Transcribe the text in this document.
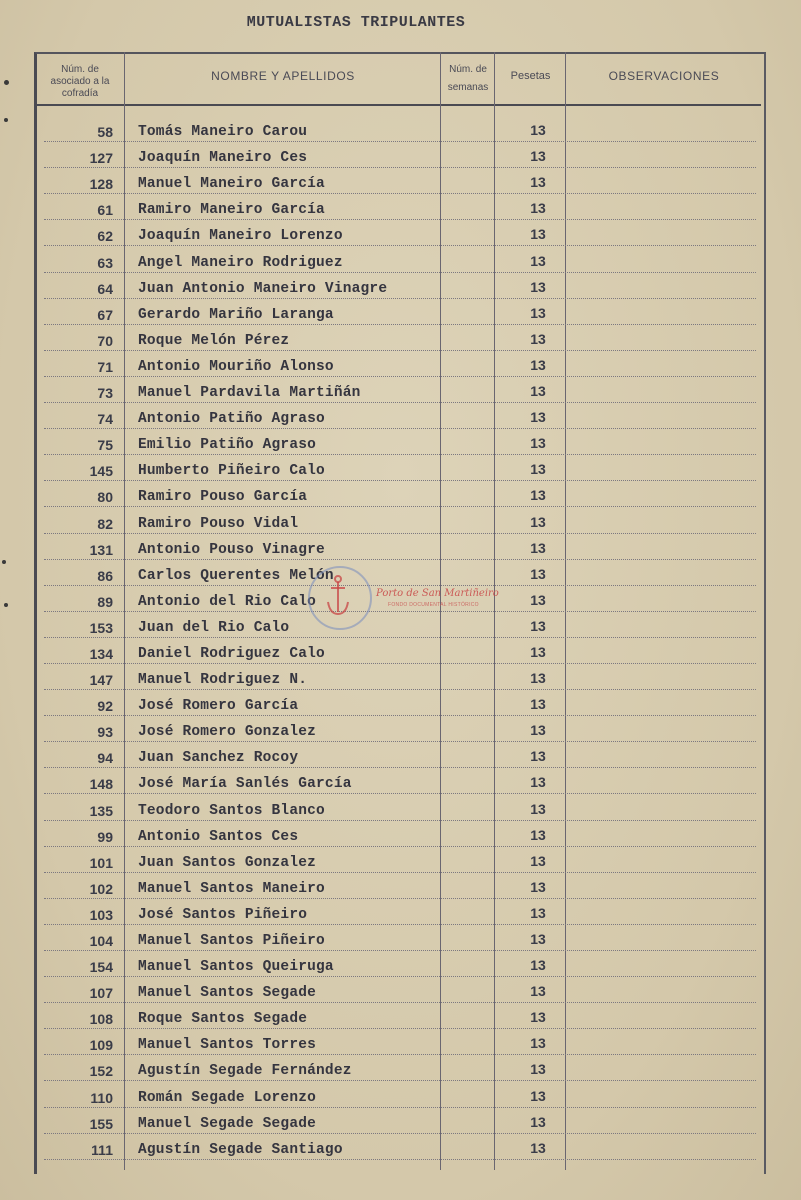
MUTUALISTAS TRIPULANTES
Núm. de
asociado a la
cofradía
NOMBRE Y APELLIDOS	Núm. de
semanas
Pesetas	OBSERVACIONES
58 Tomás Maneiro Carou	13
127 Joaquín Maneiro Ces	13
128 Manuel Maneiro García	13
61 Ramiro Maneiro García	13
62 Joaquín Maneiro Lorenzo	13
63 Angel Maneiro Rodriguez	13
64 Juan Antonio Maneiro Vinagre	13
67 Gerardo Mariño Laranga	13
70 Roque Melón Pérez	13
71 Antonio Mouriño Alonso	13
73 Manuel Pardavila Martiñán	13
74 Antonio Patiño Agraso	13
75 Emilio Patiño Agraso	13
145 Humberto Piñeiro Calo	13
80 Ramiro Pouso García	13
82 Ramiro Pouso Vidal	13
131 Antonio Pouso Vinagre	13
86 Carlos Querentes Melón	13
89 Antonio del Rio Calo	13
153 Juan del Rio Calo	13
134 Daniel Rodriguez Calo	13
147 Manuel Rodriguez N.	13
92 José Romero García	13
93 José Romero Gonzalez	13
94 Juan Sanchez Rocoy	13
148 José María Sanlés García	13
135 Teodoro Santos Blanco	13
99 Antonio Santos Ces	13
101 Juan Santos Gonzalez	13
102 Manuel Santos Maneiro	13
103 José Santos Piñeiro	13
104 Manuel Santos Piñeiro	13
154 Manuel Santos Queiruga	13
107 Manuel Santos Segade	13
108 Roque Santos Segade	13
109 Manuel Santos Torres	13
152 Agustín Segade Fernández	13
110 Román Segade Lorenzo	13
155 Manuel Segade Segade	13
111 Agustín Segade Santiago	13
Porto de San Martiñeiro
FONDO DOCUMENTAL HISTÓRICO
